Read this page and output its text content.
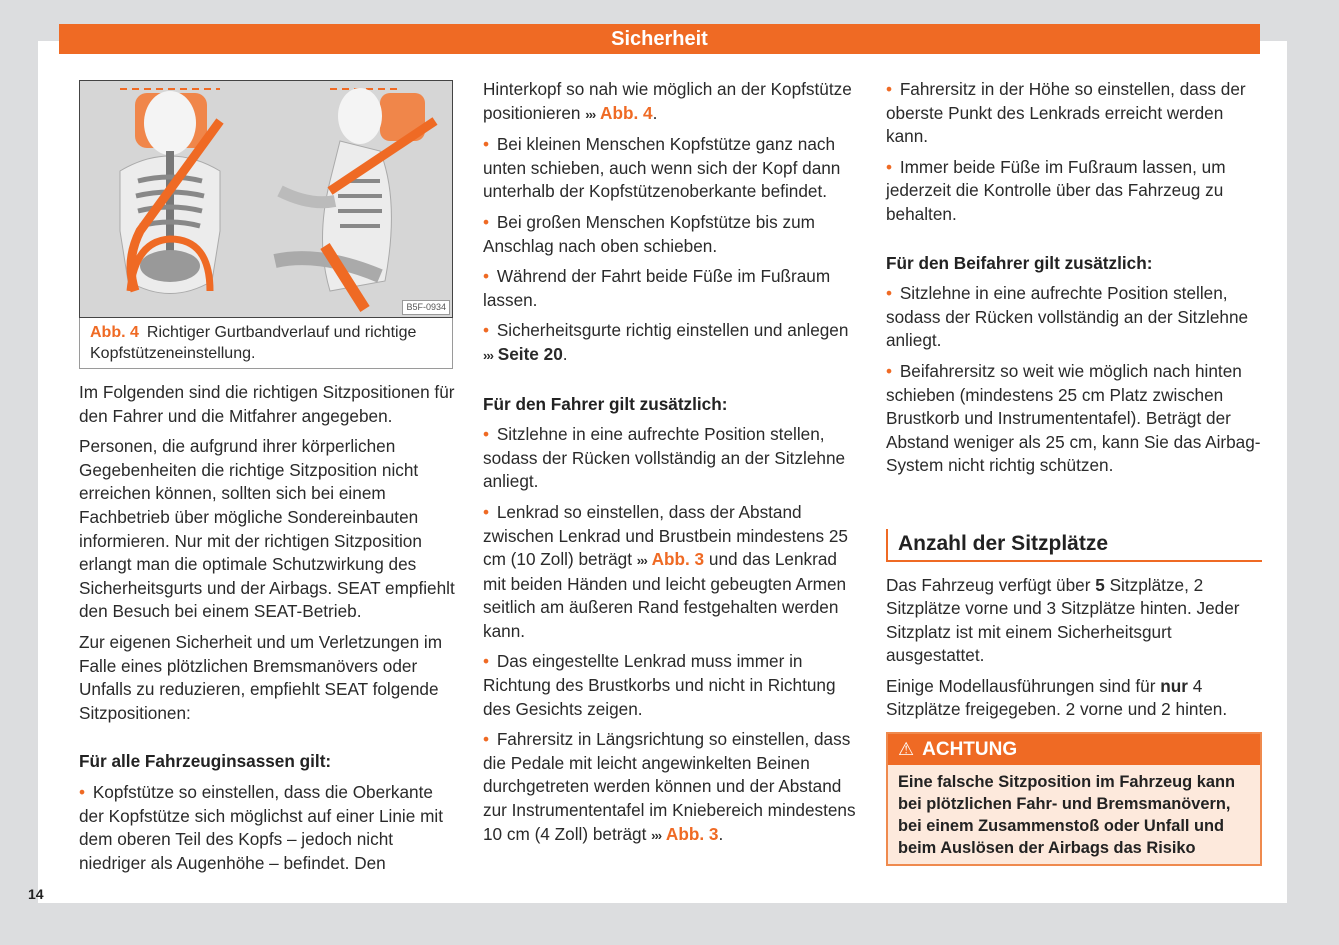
Sicherheit
B5F-0934
Abb. 4 Richtiger Gurtbandverlauf und richtige Kopfstützeneinstellung.

Im Folgenden sind die richtigen Sitzpositionen für den Fahrer und die Mitfahrer angegeben.

Personen, die aufgrund ihrer körperlichen Gegebenheiten die richtige Sitzposition nicht erreichen können, sollten sich bei einem Fachbetrieb über mögliche Sondereinbauten informieren. Nur mit der richtigen Sitzposition erlangt man die optimale Schutzwirkung des Sicherheitsgurts und der Airbags. SEAT empfiehlt den Besuch bei einem SEAT-Betrieb.

Zur eigenen Sicherheit und um Verletzungen im Falle eines plötzlichen Bremsmanövers oder Unfalls zu reduzieren, empfiehlt SEAT folgende Sitzpositionen:

Für alle Fahrzeuginsassen gilt:

• Kopfstütze so einstellen, dass die Oberkante der Kopfstütze sich möglichst auf einer Linie mit dem oberen Teil des Kopfs – jedoch nicht niedriger als Augenhöhe – befindet. Den

Hinterkopf so nah wie möglich an der Kopfstütze positionieren ››› Abb. 4.

• Bei kleinen Menschen Kopfstütze ganz nach unten schieben, auch wenn sich der Kopf dann unterhalb der Kopfstützenoberkante befindet.

• Bei großen Menschen Kopfstütze bis zum Anschlag nach oben schieben.

• Während der Fahrt beide Füße im Fußraum lassen.

• Sicherheitsgurte richtig einstellen und anlegen ››› Seite 20.

Für den Fahrer gilt zusätzlich:

• Sitzlehne in eine aufrechte Position stellen, sodass der Rücken vollständig an der Sitzlehne anliegt.

• Lenkrad so einstellen, dass der Abstand zwischen Lenkrad und Brustbein mindestens 25 cm (10 Zoll) beträgt ››› Abb. 3 und das Lenkrad mit beiden Händen und leicht gebeugten Armen seitlich am äußeren Rand festgehalten werden kann.

• Das eingestellte Lenkrad muss immer in Richtung des Brustkorbs und nicht in Richtung des Gesichts zeigen.

• Fahrersitz in Längsrichtung so einstellen, dass die Pedale mit leicht angewinkelten Beinen durchgetreten werden können und der Abstand zur Instrumententafel im Kniebereich mindestens 10 cm (4 Zoll) beträgt ››› Abb. 3.

• Fahrersitz in der Höhe so einstellen, dass der oberste Punkt des Lenkrads erreicht werden kann.

• Immer beide Füße im Fußraum lassen, um jederzeit die Kontrolle über das Fahrzeug zu behalten.

Für den Beifahrer gilt zusätzlich:

• Sitzlehne in eine aufrechte Position stellen, sodass der Rücken vollständig an der Sitzlehne anliegt.

• Beifahrersitz so weit wie möglich nach hinten schieben (mindestens 25 cm Platz zwischen Brustkorb und Instrumententafel). Beträgt der Abstand weniger als 25 cm, kann Sie das Airbag-System nicht richtig schützen.

Anzahl der Sitzplätze

Das Fahrzeug verfügt über 5 Sitzplätze, 2 Sitzplätze vorne und 3 Sitzplätze hinten. Jeder Sitzplatz ist mit einem Sicherheitsgurt ausgestattet.

Einige Modellausführungen sind für nur 4 Sitzplätze freigegeben. 2 vorne und 2 hinten.

⚠ ACHTUNG
Eine falsche Sitzposition im Fahrzeug kann bei plötzlichen Fahr- und Bremsmanövern, bei einem Zusammenstoß oder Unfall und beim Auslösen der Airbags das Risiko
14
